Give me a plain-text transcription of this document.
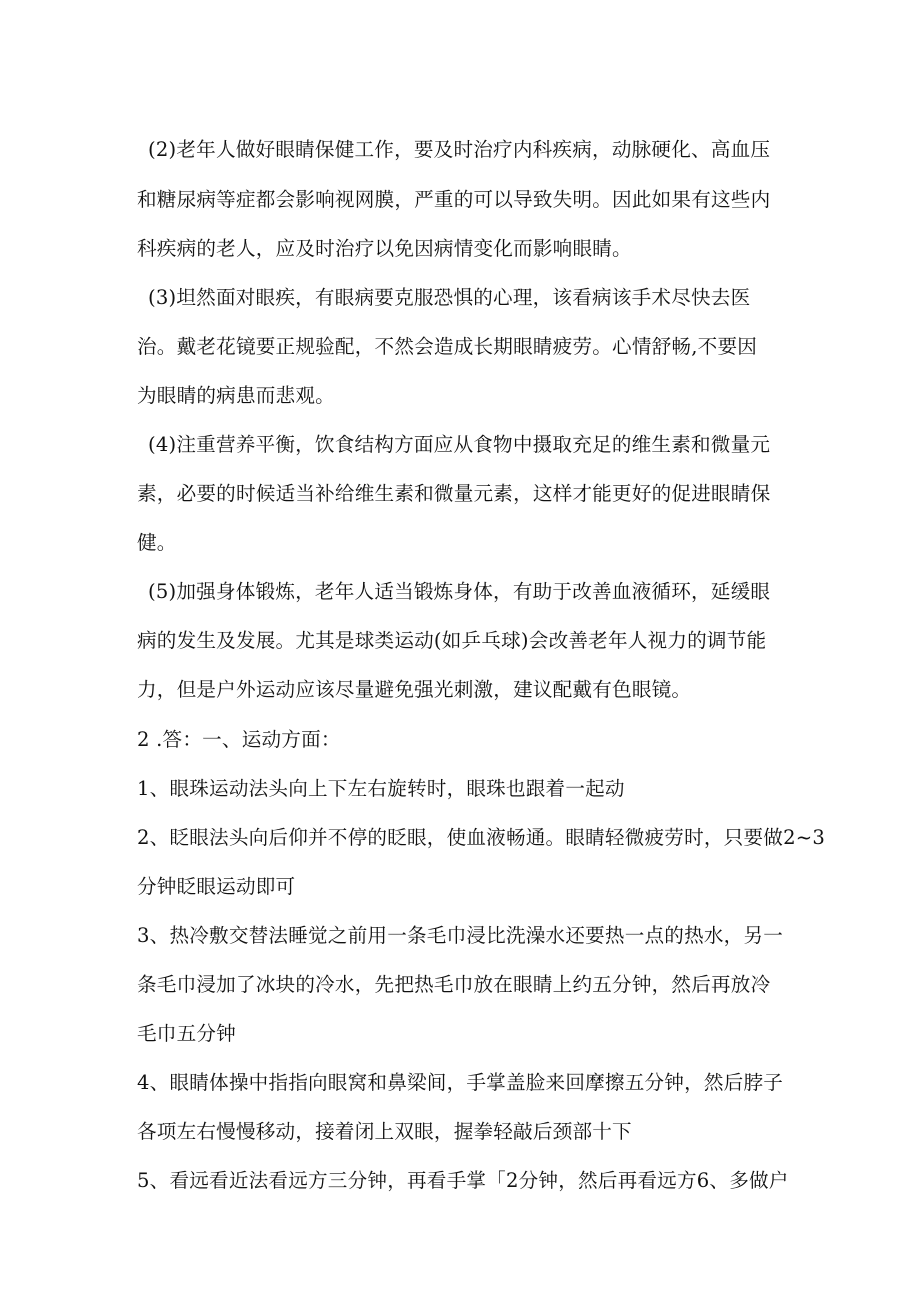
(2)老年人做好眼睛保健工作，要及时治疗内科疾病，动脉硬化、高血压
和糖尿病等症都会影响视网膜，严重的可以导致失明。因此如果有这些内
科疾病的老人，应及时治疗以免因病情变化而影响眼睛。
(3)坦然面对眼疾，有眼病要克服恐惧的心理，该看病该手术尽快去医
治。戴老花镜要正规验配，不然会造成长期眼睛疲劳。心情舒畅,不要因
为眼睛的病患而悲观。
(4)注重营养平衡，饮食结构方面应从食物中摄取充足的维生素和微量元
素，必要的时候适当补给维生素和微量元素，这样才能更好的促进眼睛保
健。
(5)加强身体锻炼，老年人适当锻炼身体，有助于改善血液循环，延缓眼
病的发生及发展。尤其是球类运动(如乒乓球)会改善老年人视力的调节能
力，但是户外运动应该尽量避免强光刺激，建议配戴有色眼镜。
2 .答：一、运动方面：
1、眼珠运动法头向上下左右旋转时，眼珠也跟着一起动
2、眨眼法头向后仰并不停的眨眼，使血液畅通。眼睛轻微疲劳时，只要做2~3
分钟眨眼运动即可
3、热冷敷交替法睡觉之前用一条毛巾浸比洗澡水还要热一点的热水，另一
条毛巾浸加了冰块的冷水，先把热毛巾放在眼睛上约五分钟，然后再放冷
毛巾五分钟
4、眼睛体操中指指向眼窝和鼻梁间，手掌盖脸来回摩擦五分钟，然后脖子
各项左右慢慢移动，接着闭上双眼，握拳轻敲后颈部十下
5、看远看近法看远方三分钟，再看手掌「2分钟，然后再看远方6、多做户
